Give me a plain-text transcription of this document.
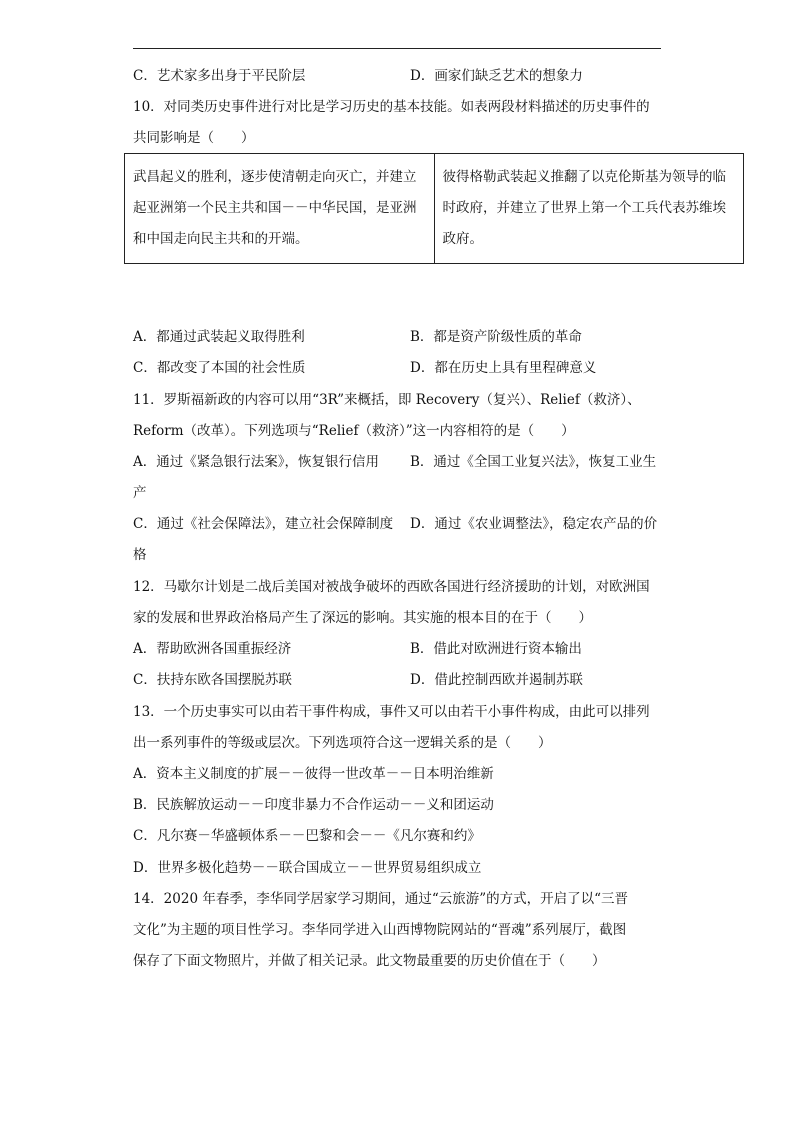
C．艺术家多出身于平民阶层	D．画家们缺乏艺术的想象力
10．对同类历史事件进行对比是学习历史的基本技能。如表两段材料描述的历史事件的
共同影响是（　　）
武昌起义的胜利，逐步使清朝走向灭亡，并建立起亚洲第一个民主共和国－－中华民国，是亚洲和中国走向民主共和的开端。	彼得格勒武装起义推翻了以克伦斯基为领导的临时政府，并建立了世界上第一个工兵代表苏维埃政府。
A．都通过武装起义取得胜利	B．都是资产阶级性质的革命
C．都改变了本国的社会性质	D．都在历史上具有里程碑意义
11．罗斯福新政的内容可以用“3R”来概括，即 Recovery（复兴）、Relief（救济）、
Reform（改革）。下列选项与“Relief（救济）”这一内容相符的是（　　）
A．通过《紧急银行法案》，恢复银行信用 B．通过《全国工业复兴法》，恢复工业生
产
C．通过《社会保障法》，建立社会保障制度 D．通过《农业调整法》，稳定农产品的价
格
12．马歇尔计划是二战后美国对被战争破坏的西欧各国进行经济援助的计划，对欧洲国
家的发展和世界政治格局产生了深远的影响。其实施的根本目的在于（　　）
A．帮助欧洲各国重振经济	B．借此对欧洲进行资本输出
C．扶持东欧各国摆脱苏联	D．借此控制西欧并遏制苏联
13．一个历史事实可以由若干事件构成，事件又可以由若干小事件构成，由此可以排列
出一系列事件的等级或层次。下列选项符合这一逻辑关系的是（　　）
A．资本主义制度的扩展－－彼得一世改革－－日本明治维新
B．民族解放运动－－印度非暴力不合作运动－－义和团运动
C．凡尔赛－华盛顿体系－－巴黎和会－－《凡尔赛和约》
D．世界多极化趋势－－联合国成立－－世界贸易组织成立
14．2020 年春季，李华同学居家学习期间，通过“云旅游”的方式，开启了以“三晋
文化”为主题的项目性学习。李华同学进入山西博物院网站的“晋魂”系列展厅，截图
保存了下面文物照片，并做了相关记录。此文物最重要的历史价值在于（　　）
